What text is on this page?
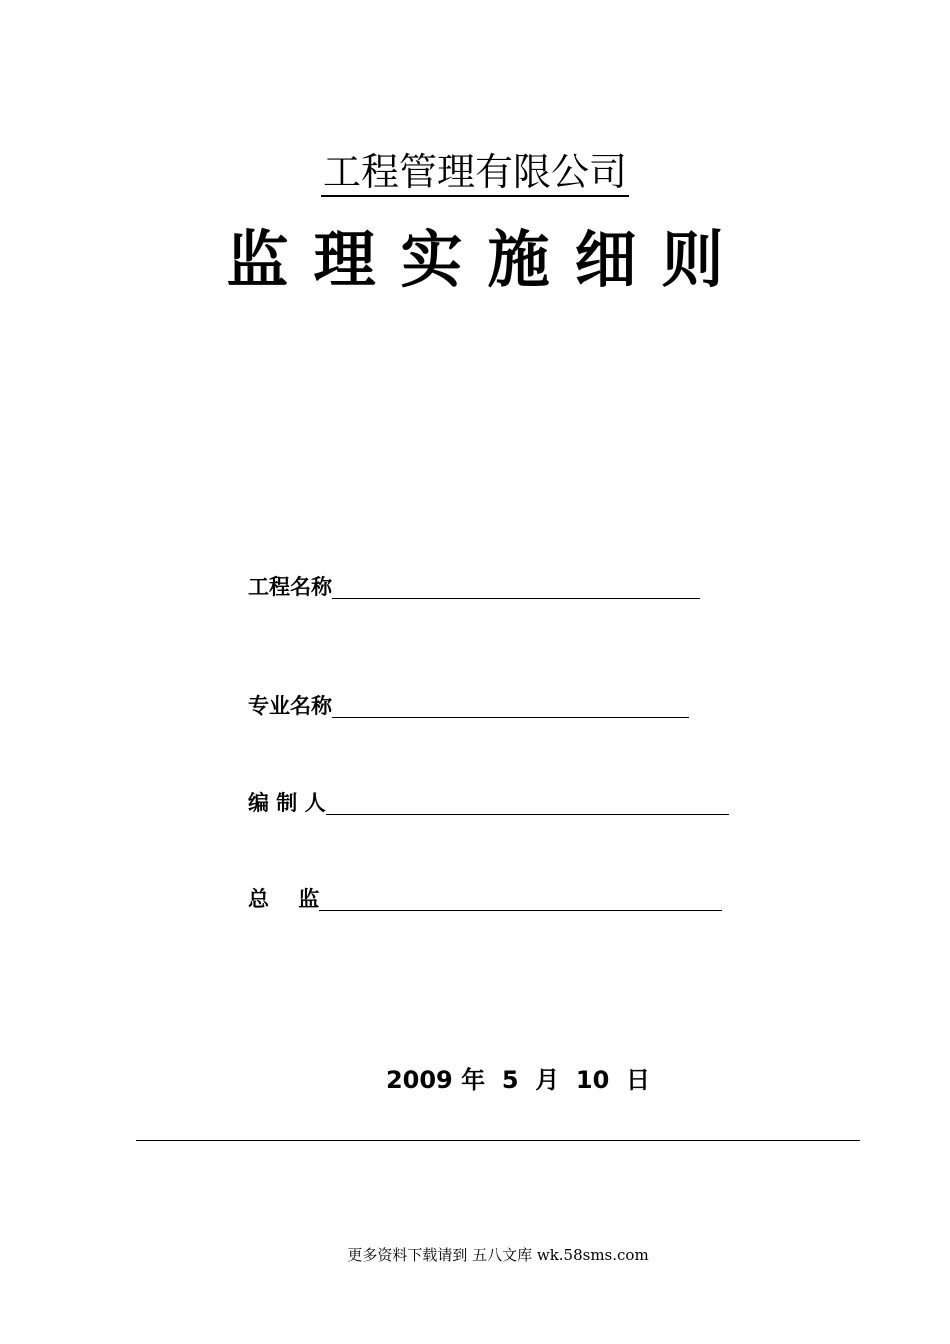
工程管理有限公司
监理实施细则
工程名称
专业名称
编 制 人
总    监
2009 年  5  月  10  日
更多资料下载请到 五八文库 wk.58sms.com
